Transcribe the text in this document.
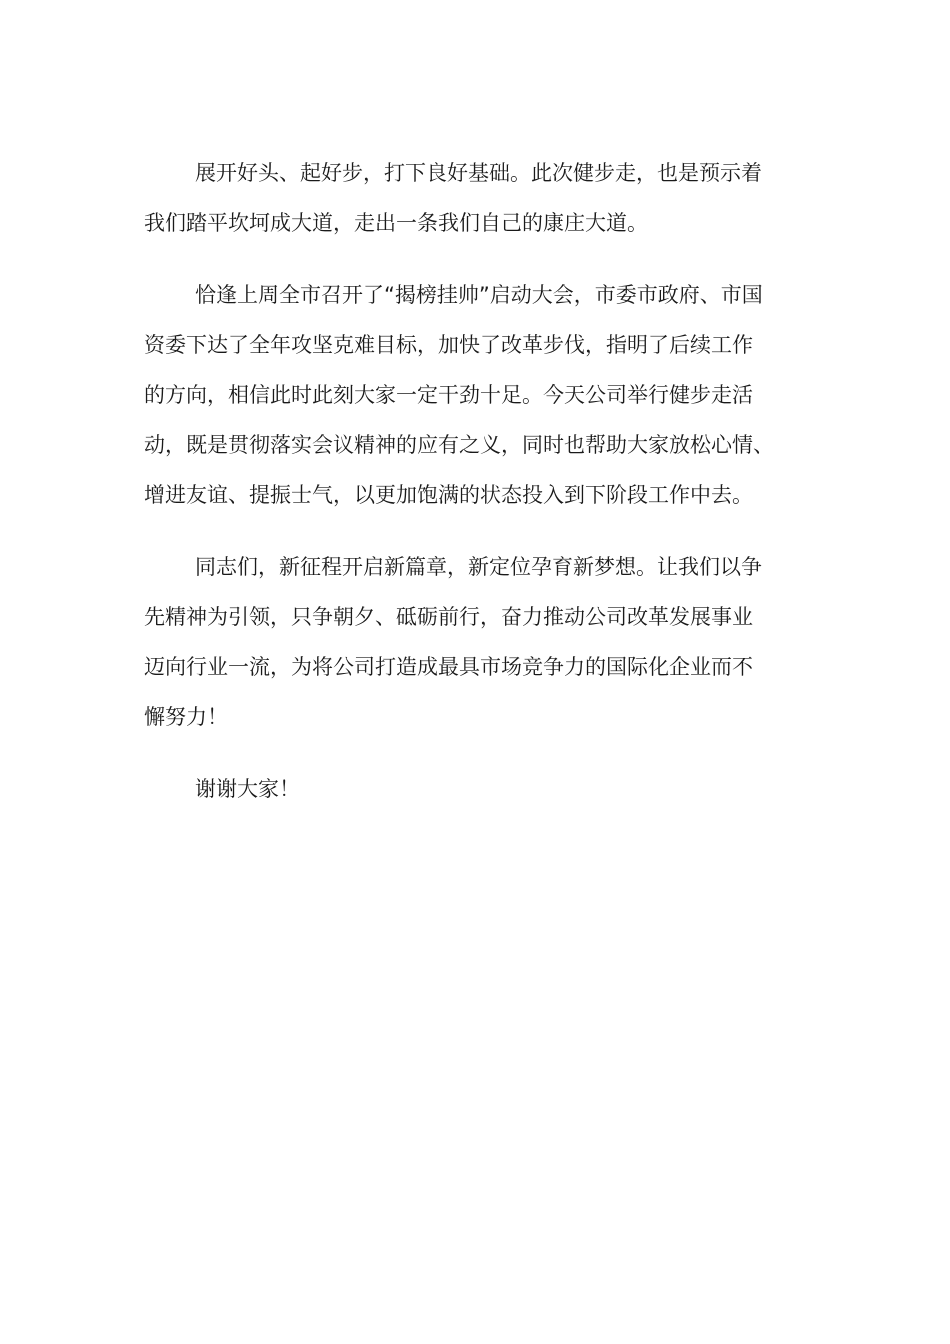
展开好头、起好步，打下良好基础。此次健步走，也是预示着
我们踏平坎坷成大道，走出一条我们自己的康庄大道。

恰逢上周全市召开了“揭榜挂帅”启动大会，市委市政府、市国
资委下达了全年攻坚克难目标，加快了改革步伐，指明了后续工作
的方向，相信此时此刻大家一定干劲十足。今天公司举行健步走活
动，既是贯彻落实会议精神的应有之义，同时也帮助大家放松心情、
增进友谊、提振士气，以更加饱满的状态投入到下阶段工作中去。

同志们，新征程开启新篇章，新定位孕育新梦想。让我们以争
先精神为引领，只争朝夕、砥砺前行，奋力推动公司改革发展事业
迈向行业一流，为将公司打造成最具市场竞争力的国际化企业而不
懈努力！

谢谢大家！
